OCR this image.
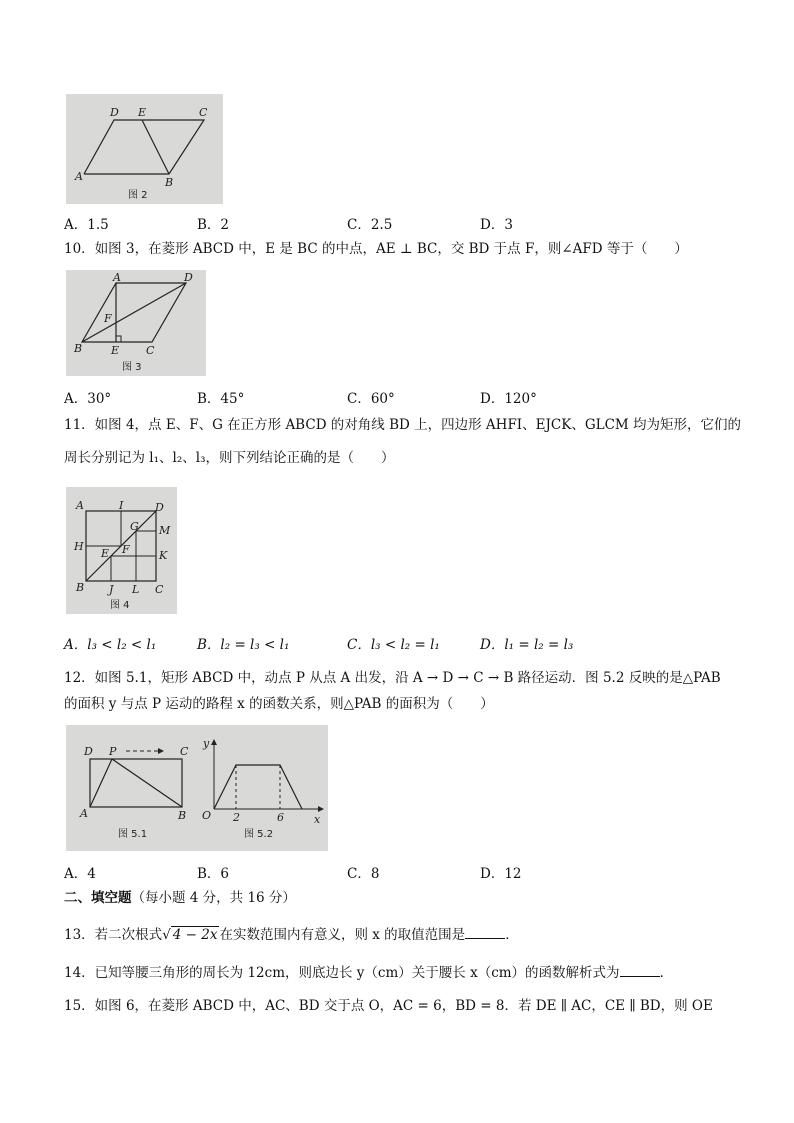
D E	C
A	B
图 2
A．1.5	B．2	C．2.5	D．3
10．如图 3，在菱形 ABCD 中，E 是 BC 的中点，AE ⊥ BC，交 BD 于点 F，则∠AFD 等于（　　）
A	D
F
B	E C
图 3
A．30°	B．45°	C．60°	D．120°
11．如图 4，点 E、F、G 在正方形 ABCD 的对角线 BD 上，四边形 AHFI、EJCK、GLCM 均为矩形，它们的
周长分别记为 l₁、l₂、l₃，则下列结论正确的是（　　）
A	I	D
M
G
H
K
E F
B J L C
图 4
A．l₃ < l₂ < l₁	B．l₂ = l₃ < l₁	C．l₃ < l₂ = l₁	D．l₁ = l₂ = l₃
12．如图 5.1，矩形 ABCD 中，动点 P 从点 A 出发，沿 A → D → C → B 路径运动．图 5.2 反映的是△PAB
的面积 y 与点 P 运动的路程 x 的函数关系，则△PAB 的面积为（　　）
D P	C
A	B
图 5.1
y
O 2	6	x
图 5.2
A．4	B．6	C．8	D．12
二、填空题（每小题 4 分，共 16 分）
13．若二次根式√ 4 − 2x 在实数范围内有意义，则 x 的取值范围是	．
14．已知等腰三角形的周长为 12cm，则底边长 y（cm）关于腰长 x（cm）的函数解析式为	．
15．如图 6，在菱形 ABCD 中，AC、BD 交于点 O，AC = 6，BD = 8．若 DE ∥ AC，CE ∥ BD，则 OE
